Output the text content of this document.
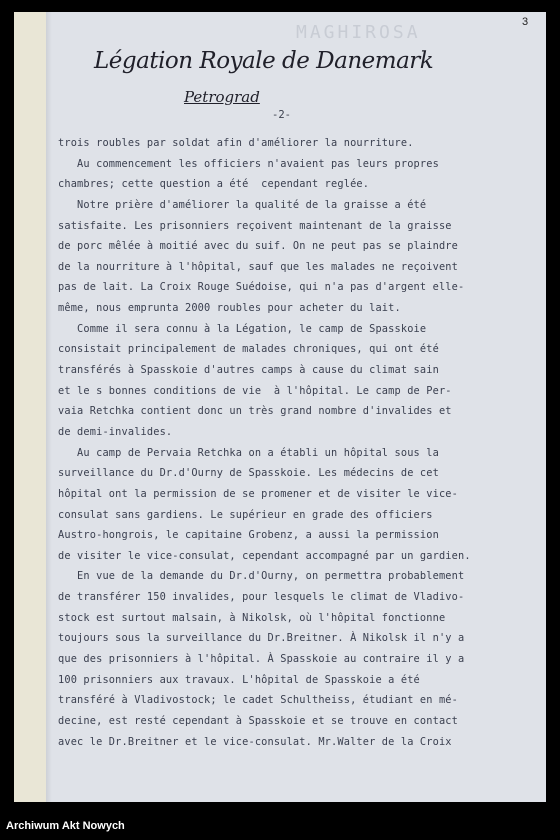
3
MAGHIROSA
Légation Royale de Danemark
Petrograd
-2-
trois roubles par soldat afin d'améliorer la nourriture.
Au commencement les officiers n'avaient pas leurs propres
chambres; cette question a été  cependant reglée.
Notre prière d'améliorer la qualité de la graisse a été
satisfaite. Les prisonniers reçoivent maintenant de la graisse
de porc mêlée à moitié avec du suif. On ne peut pas se plaindre
de la nourriture à l'hôpital, sauf que les malades ne reçoivent
pas de lait. La Croix Rouge Suédoise, qui n'a pas d'argent elle-
même, nous emprunta 2000 roubles pour acheter du lait.
Comme il sera connu à la Légation, le camp de Spasskoie
consistait principalement de malades chroniques, qui ont été
transférés à Spasskoie d'autres camps à cause du climat sain
et le s bonnes conditions de vie  à l'hôpital. Le camp de Per-
vaia Retchka contient donc un très grand nombre d'invalides et
de demi-invalides.
Au camp de Pervaia Retchka on a établi un hôpital sous la
surveillance du Dr.d'Ourny de Spasskoie. Les médecins de cet
hôpital ont la permission de se promener et de visiter le vice-
consulat sans gardiens. Le supérieur en grade des officiers
Austro-hongrois, le capitaine Grobenz, a aussi la permission
de visiter le vice-consulat, cependant accompagné par un gardien.
En vue de la demande du Dr.d'Ourny, on permettra probablement
de transférer 150 invalides, pour lesquels le climat de Vladivo-
stock est surtout malsain, à Nikolsk, où l'hôpital fonctionne
toujours sous la surveillance du Dr.Breitner. À Nikolsk il n'y a
que des prisonniers à l'hôpital. À Spasskoie au contraire il y a
100 prisonniers aux travaux. L'hôpital de Spasskoie a été
transféré à Vladivostock; le cadet Schultheiss, étudiant en mé-
decine, est resté cependant à Spasskoie et se trouve en contact
avec le Dr.Breitner et le vice-consulat. Mr.Walter de la Croix
Archiwum Akt Nowych
